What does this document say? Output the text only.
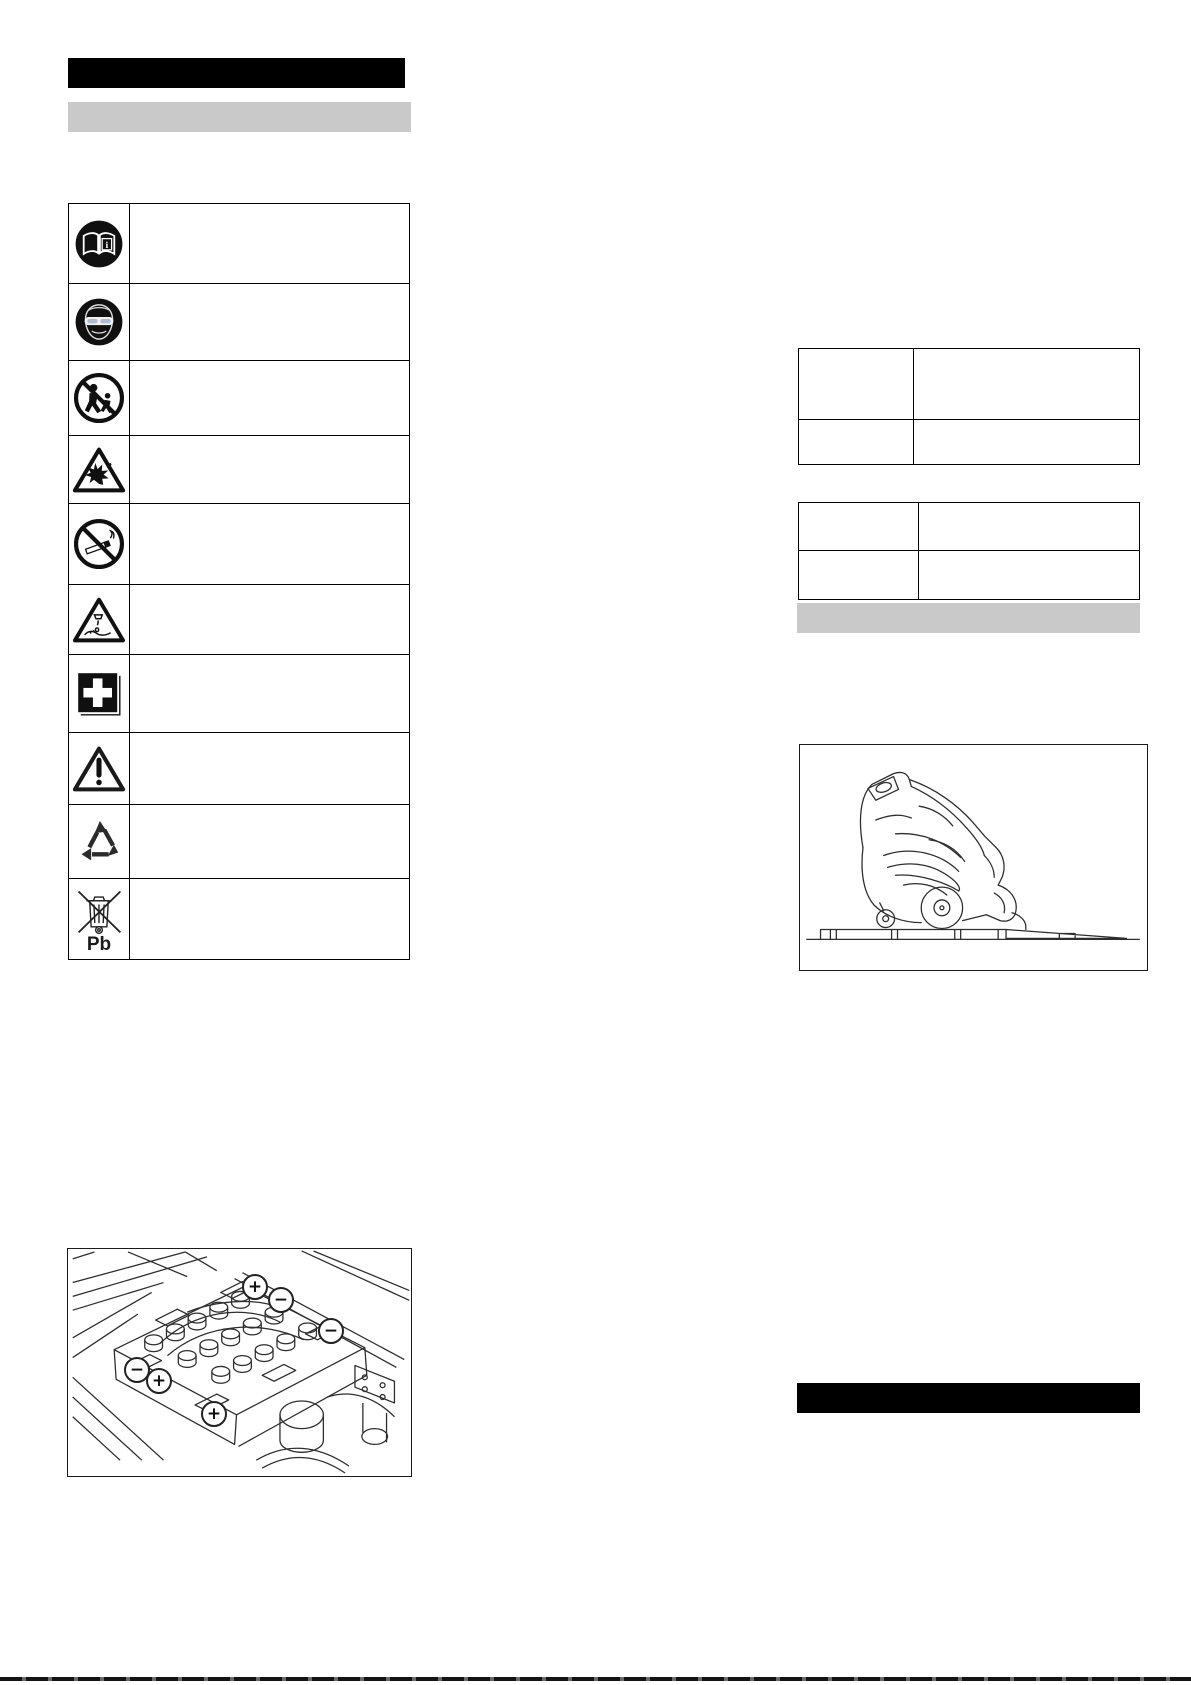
i
Pb
+
−
−
−
+
+
